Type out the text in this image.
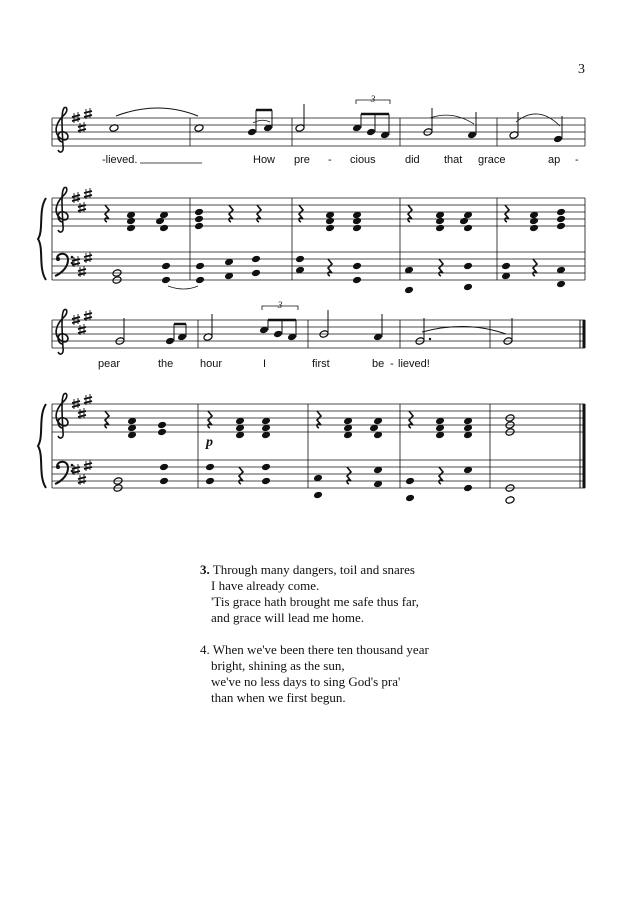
3
3
-lieved.	How pre - cious	did that grace	ap -
3
pear	the hour	I	first	be - lieved!
p
3. Through many dangers, toil and snares
I have already come.
'Tis grace hath brought me safe thus far,
and grace will lead me home.
4. When we've been there ten thousand year
bright, shining as the sun,
we've no less days to sing God's pra'
than when we first begun.
